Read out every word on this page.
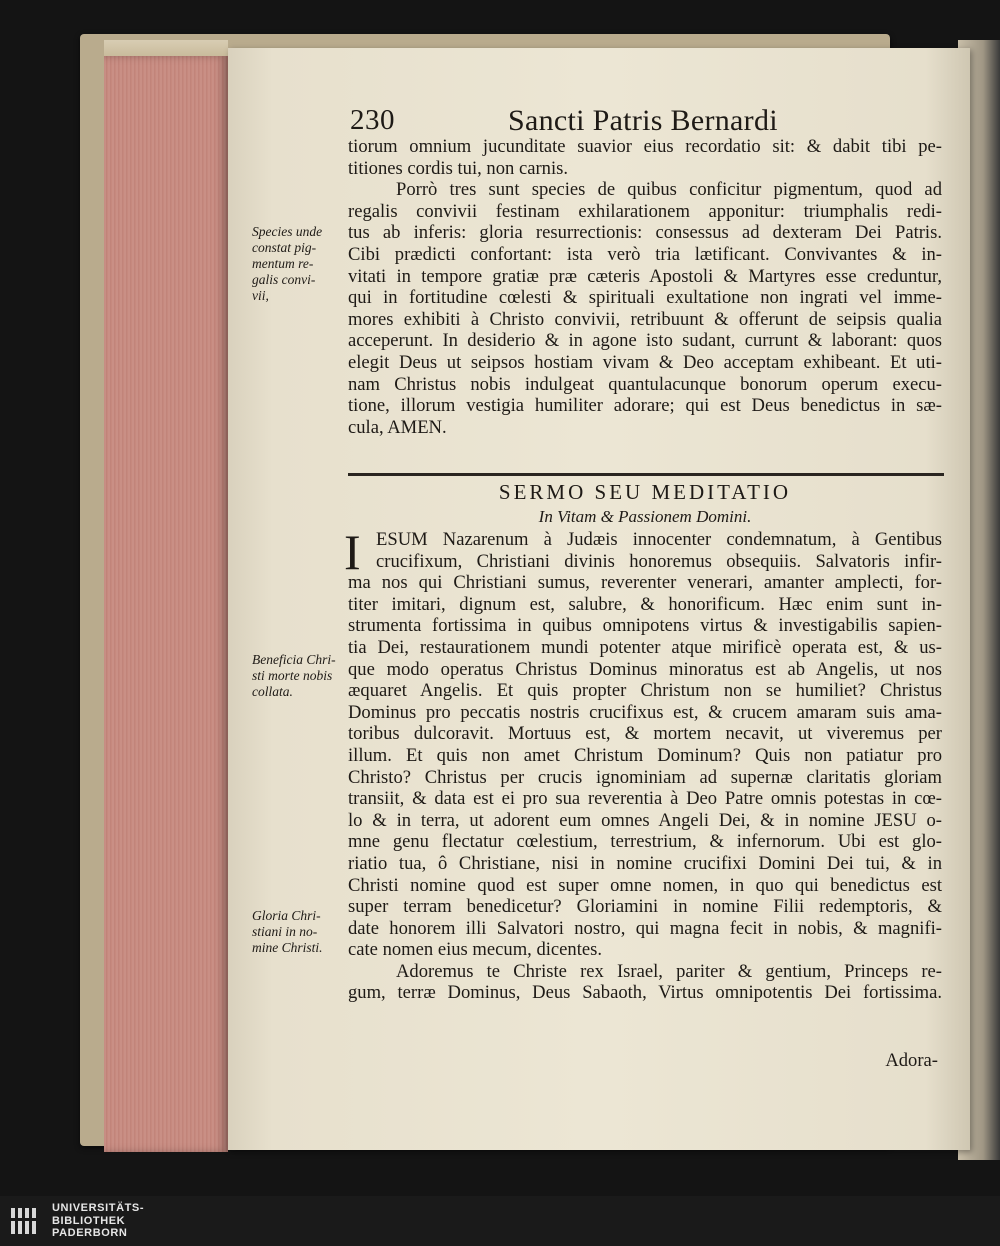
230	Sancti Patris Bernardi
tiorum omnium jucunditate suavior eius recordatio sit: & dabit tibi pe-
titiones cordis tui, non carnis.
Porrò tres sunt species de quibus conficitur pigmentum, quod ad
regalis convivii festinam exhilarationem apponitur: triumphalis redi-
tus ab inferis: gloria resurrectionis: consessus ad dexteram Dei Patris.
Cibi prædicti confortant: ista verò tria lætificant. Convivantes & in-
vitati in tempore gratiæ præ cæteris Apostoli & Martyres esse creduntur,
qui in fortitudine cœlesti & spirituali exultatione non ingrati vel imme-
mores exhibiti à Christo convivii, retribuunt & offerunt de seipsis qualia
acceperunt. In desiderio & in agone isto sudant, currunt & laborant: quos
elegit Deus ut seipsos hostiam vivam & Deo acceptam exhibeant. Et uti-
nam Christus nobis indulgeat quantulacunque bonorum operum execu-
tione, illorum vestigia humiliter adorare; qui est Deus benedictus in sæ-
cula, AMEN.
SERMO SEU MEDITATIO
In Vitam & Passionem Domini.
I ESUM Nazarenum à Judæis innocenter condemnatum, à Gentibus
crucifixum, Christiani divinis honoremus obsequiis. Salvatoris infir-
ma nos qui Christiani sumus, reverenter venerari, amanter amplecti, for-
titer imitari, dignum est, salubre, & honorificum. Hæc enim sunt in-
strumenta fortissima in quibus omnipotens virtus & investigabilis sapien-
tia Dei, restaurationem mundi potenter atque mirificè operata est, & us-
que modo operatus Christus Dominus minoratus est ab Angelis, ut nos
æquaret Angelis. Et quis propter Christum non se humiliet? Christus
Dominus pro peccatis nostris crucifixus est, & crucem amaram suis ama-
toribus dulcoravit. Mortuus est, & mortem necavit, ut viveremus per
illum. Et quis non amet Christum Dominum? Quis non patiatur pro
Christo? Christus per crucis ignominiam ad supernæ claritatis gloriam
transiit, & data est ei pro sua reverentia à Deo Patre omnis potestas in cœ-
lo & in terra, ut adorent eum omnes Angeli Dei, & in nomine JESU o-
mne genu flectatur cœlestium, terrestrium, & infernorum. Ubi est glo-
riatio tua, ô Christiane, nisi in nomine crucifixi Domini Dei tui, & in
Christi nomine quod est super omne nomen, in quo qui benedictus est
super terram benedicetur? Gloriamini in nomine Filii redemptoris, &
date honorem illi Salvatori nostro, qui magna fecit in nobis, & magnifi-
cate nomen eius mecum, dicentes.
Adoremus te Christe rex Israel, pariter & gentium, Princeps re-
gum, terræ Dominus, Deus Sabaoth, Virtus omnipotentis Dei fortissima.
Adora-
Species unde
constat pig-
mentum re-
galis convi-
vii,
Beneficia Chri-
sti morte nobis
collata.
Gloria Chri-
stiani in no-
mine Christi.
UNIVERSITÄTS-
BIBLIOTHEK
PADERBORN
